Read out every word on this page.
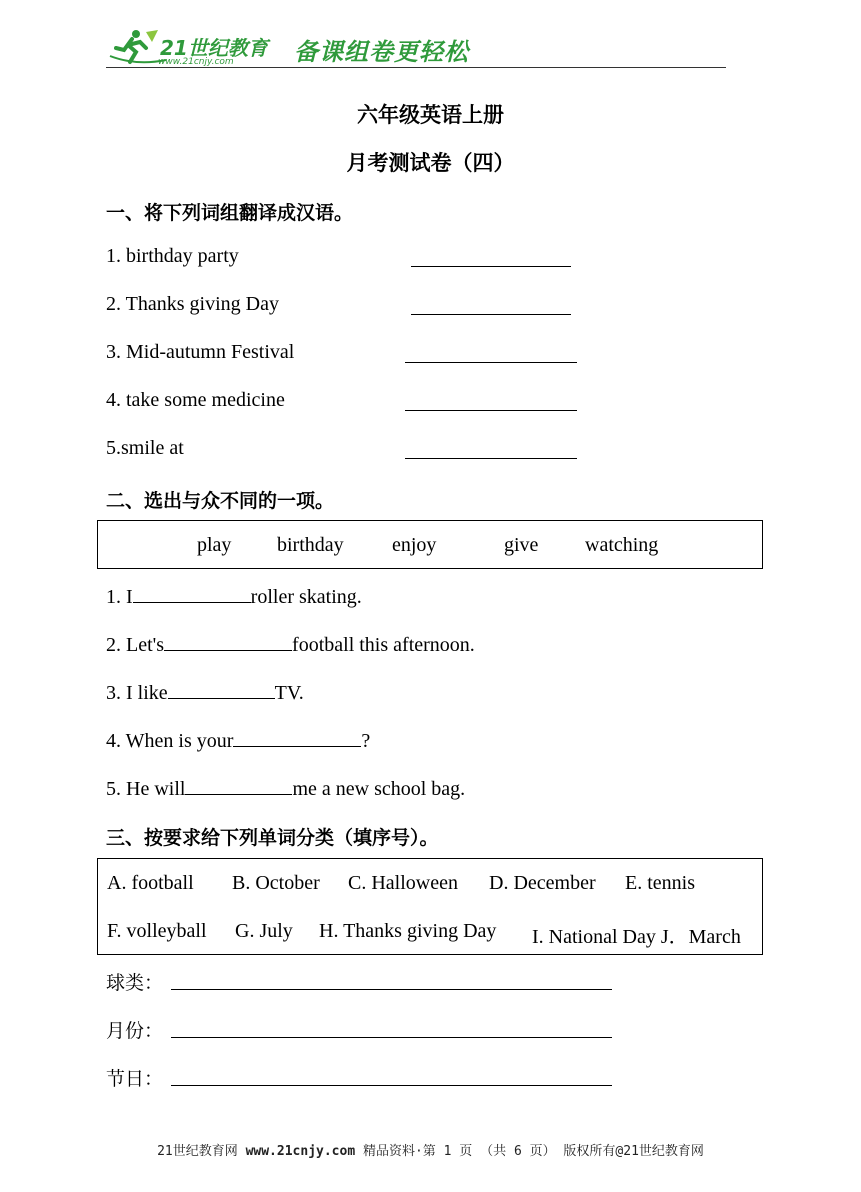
21世纪教育
www.21cnjy.com	备课组卷更轻松
六年级英语上册
月考测试卷（四）
一、将下列词组翻译成汉语。
1. birthday party
2. Thanks giving Day
3. Mid-autumn Festival
4. take some medicine
5.smile at
二、选出与众不同的一项。
play birthday enjoy	give watching
1. I	roller skating.
2. Let's	football this afternoon.
3. I like	TV.
4. When is your	?
5. He will	me a new school bag.
三、按要求给下列单词分类（填序号）。
A. football B. October C. Halloween D. December E. tennis
F. volleyball G. July H. Thanks giving Day I. National Day J．March
球类：
月份：
节日：
21世纪教育网 www.21cnjy.com 精品资料·第 1 页 （共 6 页） 版权所有@21世纪教育网
